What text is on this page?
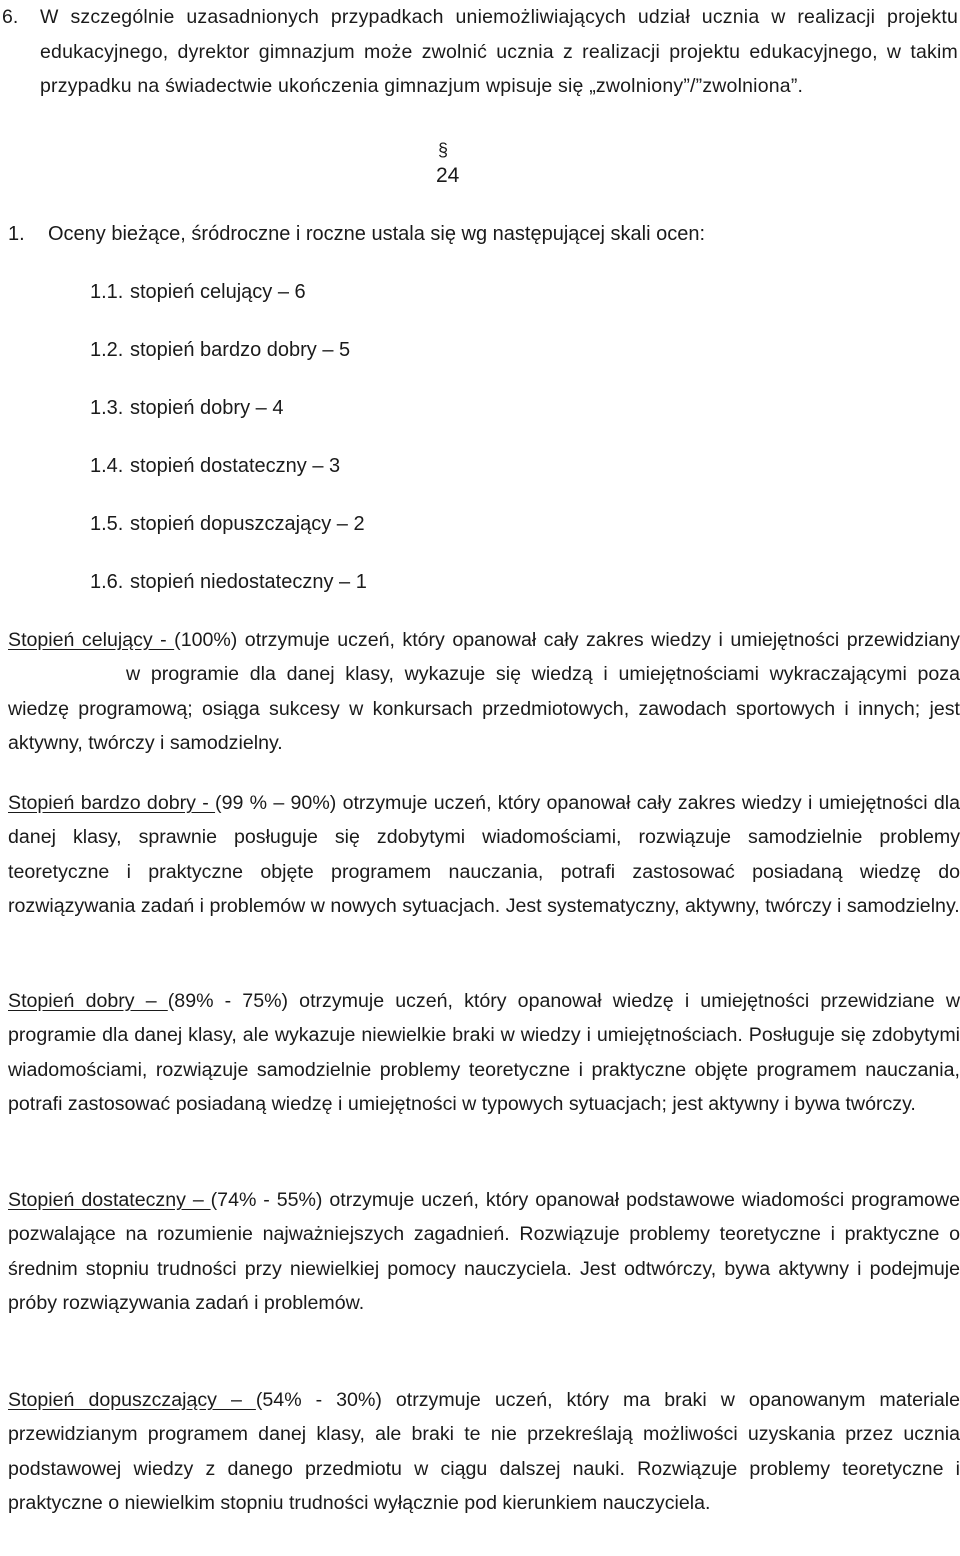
6. W szczególnie uzasadnionych przypadkach uniemożliwiających udział ucznia w realizacji projektu edukacyjnego, dyrektor gimnazjum może zwolnić ucznia z realizacji projektu edukacyjnego, w takim przypadku na świadectwie ukończenia gimnazjum wpisuje się „zwolniony”/”zwolniona”.
§24
1. Oceny bieżące, śródroczne i roczne ustala się wg następującej skali ocen:
1.1. stopień celujący – 6
1.2. stopień bardzo dobry – 5
1.3. stopień dobry – 4
1.4. stopień dostateczny – 3
1.5. stopień dopuszczający – 2
1.6. stopień niedostateczny – 1
Stopień celujący - (100%) otrzymuje uczeń, który opanował cały zakres wiedzy i umiejętności przewidzianyw programie dla danej klasy, wykazuje się wiedzą i umiejętnościami wykraczającymi poza wiedzę programową; osiąga sukcesy w konkursach przedmiotowych, zawodach sportowych i innych; jest aktywny, twórczy i samodzielny.
Stopień bardzo dobry - (99 % – 90%) otrzymuje uczeń, który opanował cały zakres wiedzy i umiejętności dla danej klasy, sprawnie posługuje się zdobytymi wiadomościami, rozwiązuje samodzielnie problemy teoretyczne i praktyczne objęte programem nauczania, potrafi zastosować posiadaną wiedzę do rozwiązywania zadań i problemów w nowych sytuacjach. Jest systematyczny, aktywny, twórczy i samodzielny.
Stopień dobry – (89% - 75%) otrzymuje uczeń, który opanował wiedzę i umiejętności przewidziane w programie dla danej klasy, ale wykazuje niewielkie braki w wiedzy i umiejętnościach. Posługuje się zdobytymi wiadomościami, rozwiązuje samodzielnie problemy teoretyczne i praktyczne objęte programem nauczania, potrafi zastosować posiadaną wiedzę i umiejętności w typowych sytuacjach; jest aktywny i bywa twórczy.
Stopień dostateczny – (74% - 55%) otrzymuje uczeń, który opanował podstawowe wiadomości programowe pozwalające na rozumienie najważniejszych zagadnień. Rozwiązuje problemy teoretyczne i praktyczne o średnim stopniu trudności przy niewielkiej pomocy nauczyciela. Jest odtwórczy, bywa aktywny i podejmuje próby rozwiązywania zadań i problemów.
Stopień dopuszczający – (54% - 30%) otrzymuje uczeń, który ma braki w opanowanym materiale przewidzianym programem danej klasy, ale braki te nie przekreślają możliwości uzyskania przez ucznia podstawowej wiedzy z danego przedmiotu w ciągu dalszej nauki. Rozwiązuje problemy teoretyczne i praktyczne o niewielkim stopniu trudności wyłącznie pod kierunkiem nauczyciela.
